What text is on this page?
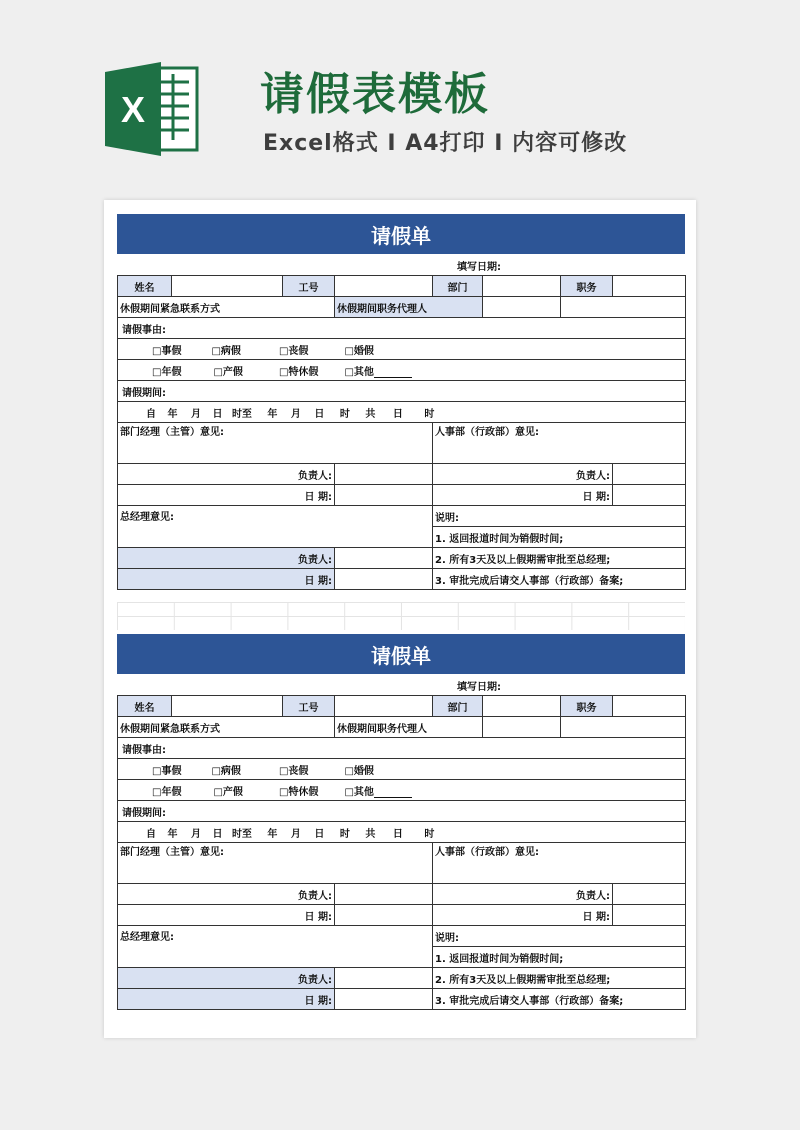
X	请假表模板
Excel格式 I A4打印 I 内容可修改
请假单
填写日期:
姓名		工号		部门		职务	
休假期间紧急联系方式			休假期间职务代理人				
请假事由:							
□事假 □病假 □丧假 □婚假							
□年假 □产假 □特休假 □其他							
请假期间:							
自 年 月 日 时至 年 月 日 时 共 日 时							
部门经理（主管）意见:				人事部（行政部）意见:			
负责人:				负责人:			
日 期:				日 期:			
总经理意见:				说明:			
				1. 返回报道时间为销假时间;			
负责人:				2. 所有3天及以上假期需审批至总经理;			
日 期:				3. 审批完成后请交人事部（行政部）备案;			
请假单
填写日期:
姓名		工号		部门		职务	
休假期间紧急联系方式			休假期间职务代理人				
请假事由:							
□事假 □病假 □丧假 □婚假							
□年假 □产假 □特休假 □其他							
请假期间:							
自 年 月 日 时至 年 月 日 时 共 日 时							
部门经理（主管）意见:				人事部（行政部）意见:			
负责人:				负责人:			
日 期:				日 期:			
总经理意见:				说明:			
				1. 返回报道时间为销假时间;			
负责人:				2. 所有3天及以上假期需审批至总经理;			
日 期:				3. 审批完成后请交人事部（行政部）备案;			
